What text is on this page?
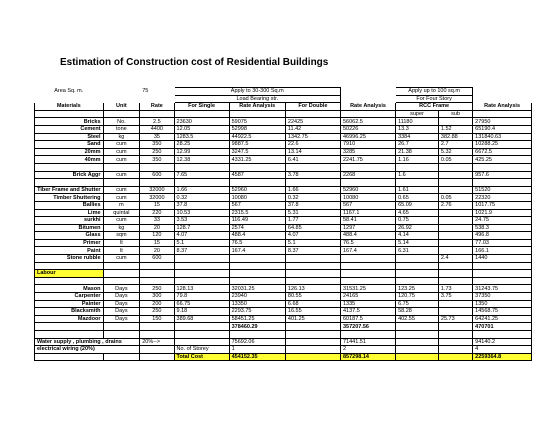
Estimation of Construction cost of Residential Buildings
Area Sq. m.		75	Apply to 30-300 Sq.m				Apply up to 100 sq.m		
			Load Bearing str.				For Four Story		
Materials	Unit	Rate	For Single	Rate Analysis	For Double	Rate Analysis	RCC Frame		Rate Analysis
							super	sub	
Bricks	No.	2.5	23630	59075	22425	56062.5	11180		27950
Cement	tone	4400	12.05	52998	11.42	50226	13.3	1.52	65190.4
Steel	kg	35	1283.5	44922.5	1342.75	46996.25	3384	382.88	131840.63
Sand	cum	350	28.25	9887.5	22.6	7910	26.7	2.7	10288.25
20mm	cum	250	12.99	3247.5	13.14	3285	21.38	5.32	6672.5
40mm	cum	350	12.38	4331.25	6.41	2241.75	1.16	0.05	425.25

Brick Aggr	cum	600	7.65	4587	3.78	2268	1.6		957.6

Tiber Frame and Shutter	cum	32000	1.66	52960	1.66	52960	1.61		51520
Timber Shuttering	cum	32000	0.32	10080	0.32	10080	0.65	0.05	22320
Ballies	m	15	37.8	567	37.8	567	65.09	2.76	1017.75
Lime	quintal	220	10.53	2315.5	5.31	1167.1	4.65		1021.9
surkhi	cum	33	3.53	116.49	1.77	58.41	0.75		24.75
Bitumen	kg	20	128.7	2574	64.85	1297	26.92		538.3
Glass	sqm	120	4.07	488.4	4.07	488.4	4.14		496.8
Primer	lt	15	5.1	76.5	5.1	76.5	5.14		77.03
Paint	lt	20	8.37	167.4	8.37	167.4	6.31		166.1
Stone rubble	cum	600						2.4	1440

Labour									

Mason	Days	250	128.13	32031.25	126.13	31531.25	123.25	1.73	31243.75
Carpenter	Days	300	79.8	23940	80.55	24165	120.75	3.75	37350
Painter	Days	200	66.75	13350	6.68	1335	6.75		1350
Blacksmith	Days	250	9.18	2293.75	16.55	4137.5	58.28		14568.75
Mazdoor	Days	150	389.68	58451.25	401.25	60187.5	402.55	25.73	64241.25
				378460.29		357207.56			470701

Water supply , plumbing , drains		20%-->		75692.06		71441.51			94140.2
electrical wiring (20%)			No. of Storey	1		2			4
			Total Cost	454152.35		857298.14			2259364.8
